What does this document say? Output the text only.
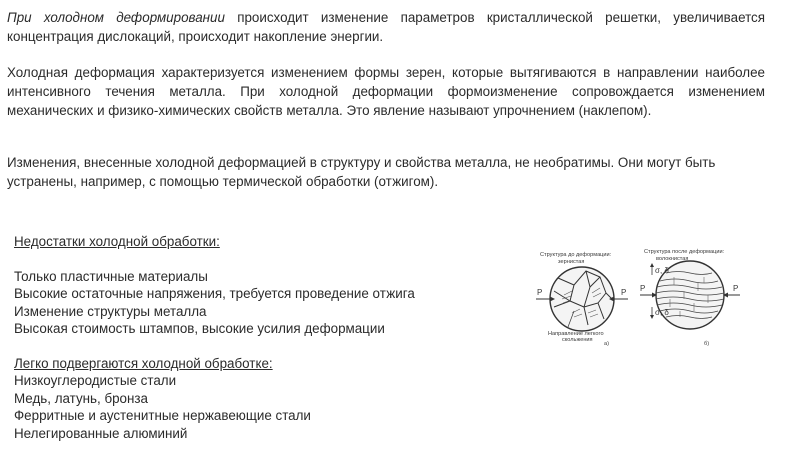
При холодном деформировании происходит изменение параметров кристаллической решетки, увеличивается концентрация дислокаций, происходит накопление энергии.

Холодная деформация характеризуется изменением формы зерен, которые вытягиваются в направлении наиболее интенсивного течения металла. При холодной деформации формоизменение сопровождается изменением механических и физико-химических свойств металла. Это явление называют упрочнением (наклепом).

Изменения, внесенные холодной деформацией в структуру и свойства металла, не необратимы. Они могут быть устранены, например, с помощью термической обработки (отжигом).

Недостатки холодной обработки:
Только пластичные материалы
Высокие остаточные напряжения, требуется проведение отжига
Изменение структуры металла
Высокая стоимость штампов, высокие усилия деформации
Легко подвергаются холодной обработке:
Низкоуглеродистые стали
Медь, латунь, бронза
Ферритные и аустенитные нержавеющие стали
Нелегированные алюминий
Структура до деформации:
зернистая
Структура после деформации:
волокнистая
P	P
Направление легкого
скольжения
а)
P	P
σ, δ
σ, δ
б)
